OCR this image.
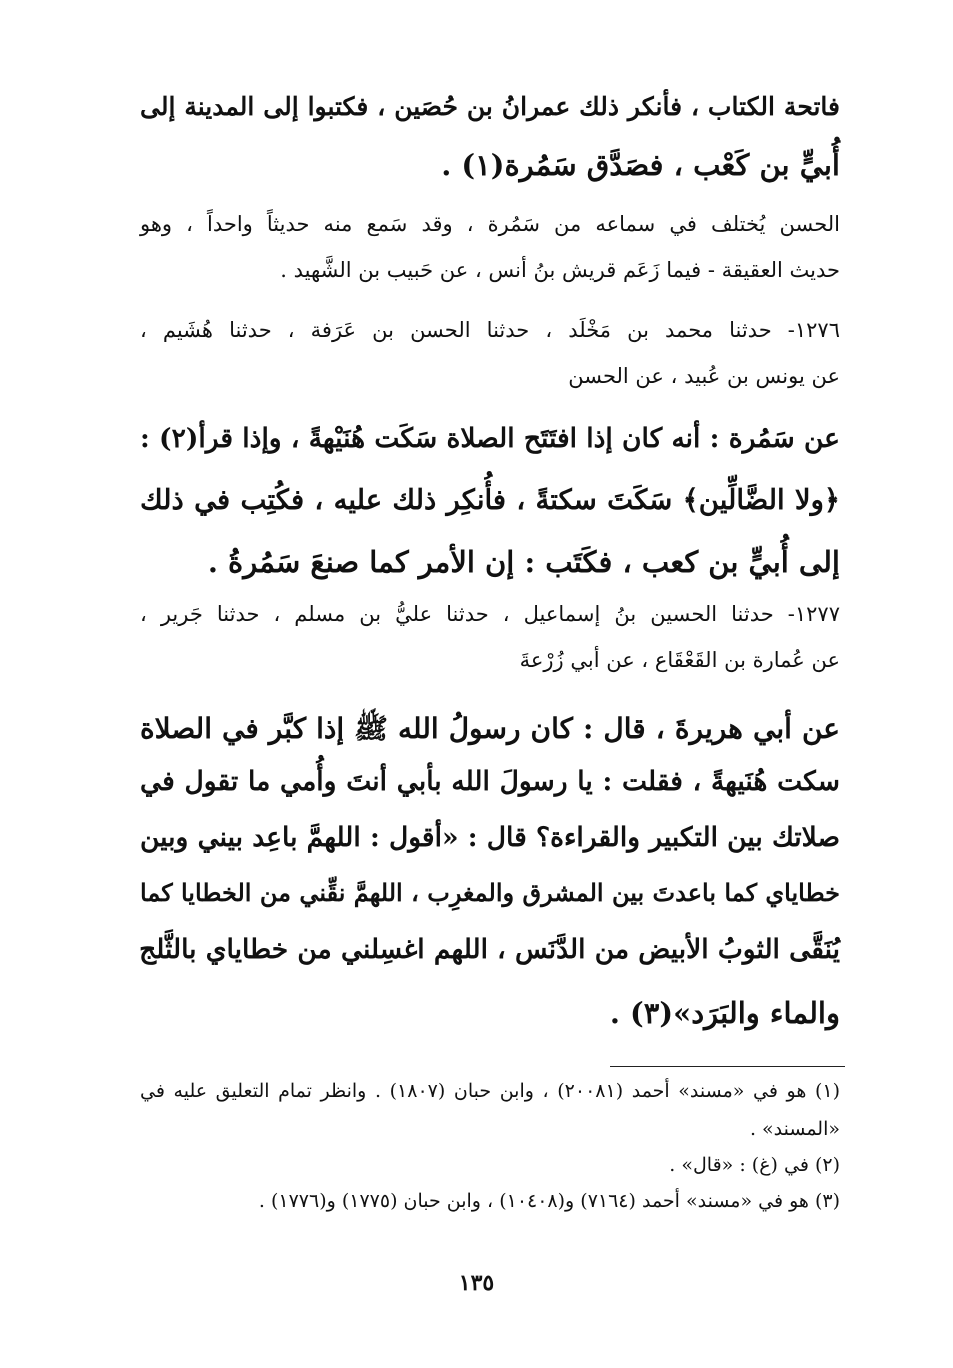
فاتحة الكتاب ، فأنكر ذلك عمرانُ بن حُصَين ، فكتبوا إلى المدينة إلى

أُبيٍّ بن كَعْب ، فصَدَّق سَمُرة(١) .

الحسن يُختلف في سماعه من سَمُرة ، وقد سَمع منه حديثاً واحداً ، وهو

حديث العقيقة - فيما زَعَم قريش بنُ أنس ، عن حَبيب بن الشَّهيد .

١٢٧٦- حدثنا محمد بن مَخْلَد ، حدثنا الحسن بن عَرَفة ، حدثنا هُشَيم ،

عن يونس بن عُبيد ، عن الحسن

عن سَمُرة : أنه كان إذا افتَتَح الصلاة سَكَت هُنَيْهةً ، وإذا قرأ(٢) :

﴿ولا الضَّالِّين﴾ سَكَتَ سكتةً ، فأُنكِر ذلك عليه ، فكُتِب في ذلك

إلى أُبيٍّ بن كعب ، فكَتَب : إن الأمر كما صنعَ سَمُرةُ .

١٢٧٧- حدثنا الحسين بنُ إسماعيل ، حدثنا عليُّ بن مسلم ، حدثنا جَرير ،

عن عُمارة بن القَعْقَاع ، عن أبي زُرْعةَ

عن أبي هريرةَ ، قال : كان رسولُ الله ﷺ إذا كبَّر في الصلاة

سكت هُنَيهةً ، فقلت : يا رسولَ الله بأبي أنتَ وأُمي ما تقول في

صلاتك بين التكبير والقراءة؟ قال : «أقول : اللهمَّ باعِد بيني وبين

خطاياي كما باعدتَ بين المشرق والمغرِب ، اللهمَّ نقِّني من الخطايا كما

يُنَقَّى الثوبُ الأبيض من الدَّنَس ، اللهم اغسِلني من خطاياي بالثَّلج

والماء والبَرَد»(٣) .

(١) هو في «مسند» أحمد (٢٠٠٨١) ، وابن حبان (١٨٠٧) . وانظر تمام التعليق عليه في

«المسند» .

(٢) في (غ) : «قال» .

(٣) هو في «مسند» أحمد (٧١٦٤) و(١٠٤٠٨) ، وابن حبان (١٧٧٥) و(١٧٧٦) .

١٣٥
